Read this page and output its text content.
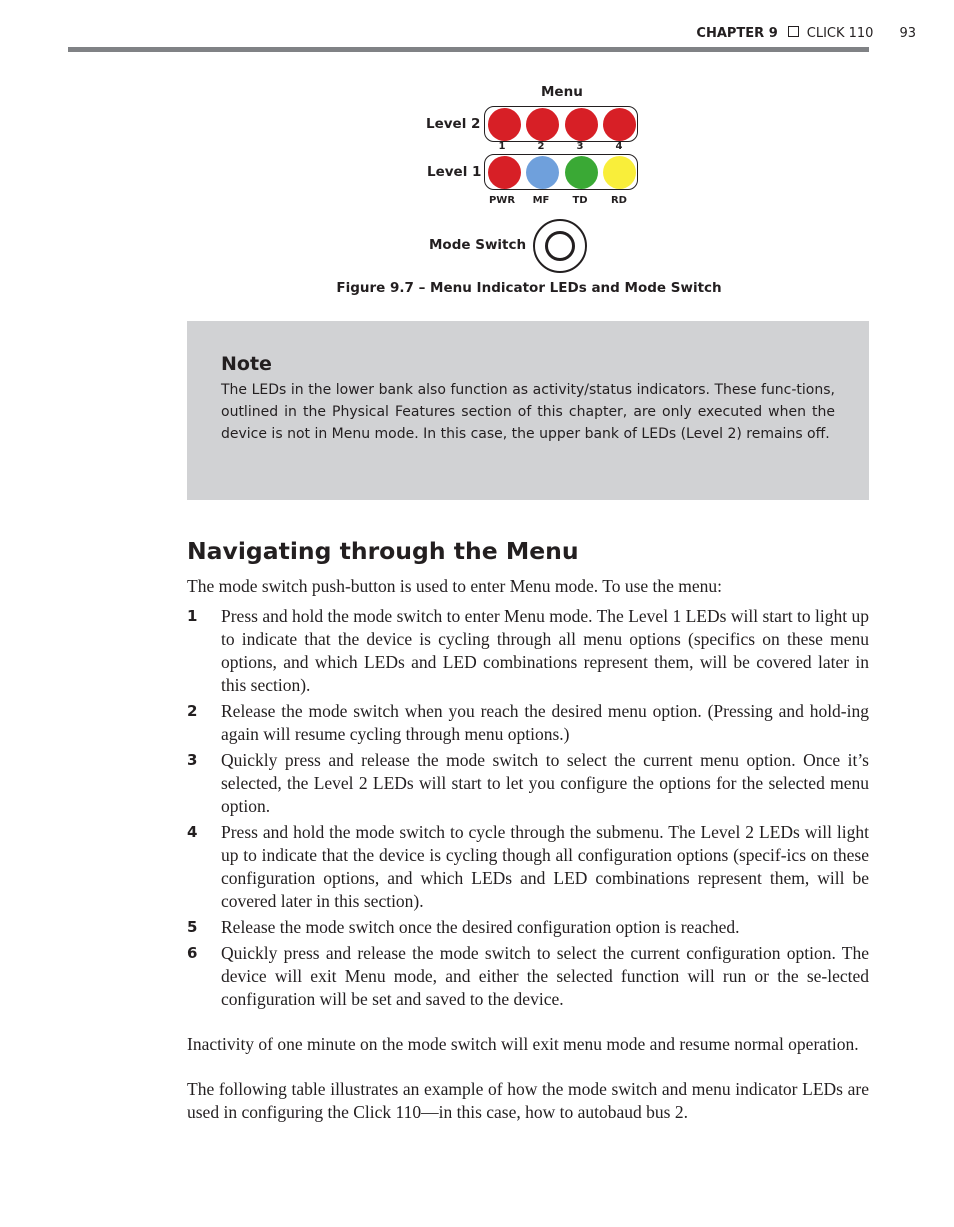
CHAPTER 9 CLICK 110 93
Menu
Level 2
Level 1
Mode Switch
1	2	3	4
PWR	MF	TD	RD
Figure 9.7 – Menu Indicator LEDs and Mode Switch
Note

The LEDs in the lower bank also function as activity/status indicators. These func-tions, outlined in the Physical Features section of this chapter, are only executed when the device is not in Menu mode. In this case, the upper bank of LEDs (Level 2) remains off.

Navigating through the Menu

The mode switch push-button is used to enter Menu mode. To use the menu:

1 Press and hold the mode switch to enter Menu mode. The Level 1 LEDs will start to light up to indicate that the device is cycling through all menu options (specifics on these menu options, and which LEDs and LED combinations represent them, will be covered later in this section).
2 Release the mode switch when you reach the desired menu option. (Pressing and hold-ing again will resume cycling through menu options.)
3 Quickly press and release the mode switch to select the current menu option. Once it’s selected, the Level 2 LEDs will start to let you configure the options for the selected menu option.
4 Press and hold the mode switch to cycle through the submenu. The Level 2 LEDs will light up to indicate that the device is cycling though all configuration options (specif-ics on these configuration options, and which LEDs and LED combinations represent them, will be covered later in this section).
5 Release the mode switch once the desired configuration option is reached.
6 Quickly press and release the mode switch to select the current configuration option. The device will exit Menu mode, and either the selected function will run or the se-lected configuration will be set and saved to the device.

Inactivity of one minute on the mode switch will exit menu mode and resume normal operation.

The following table illustrates an example of how the mode switch and menu indicator LEDs are used in configuring the Click 110—in this case, how to autobaud bus 2.
